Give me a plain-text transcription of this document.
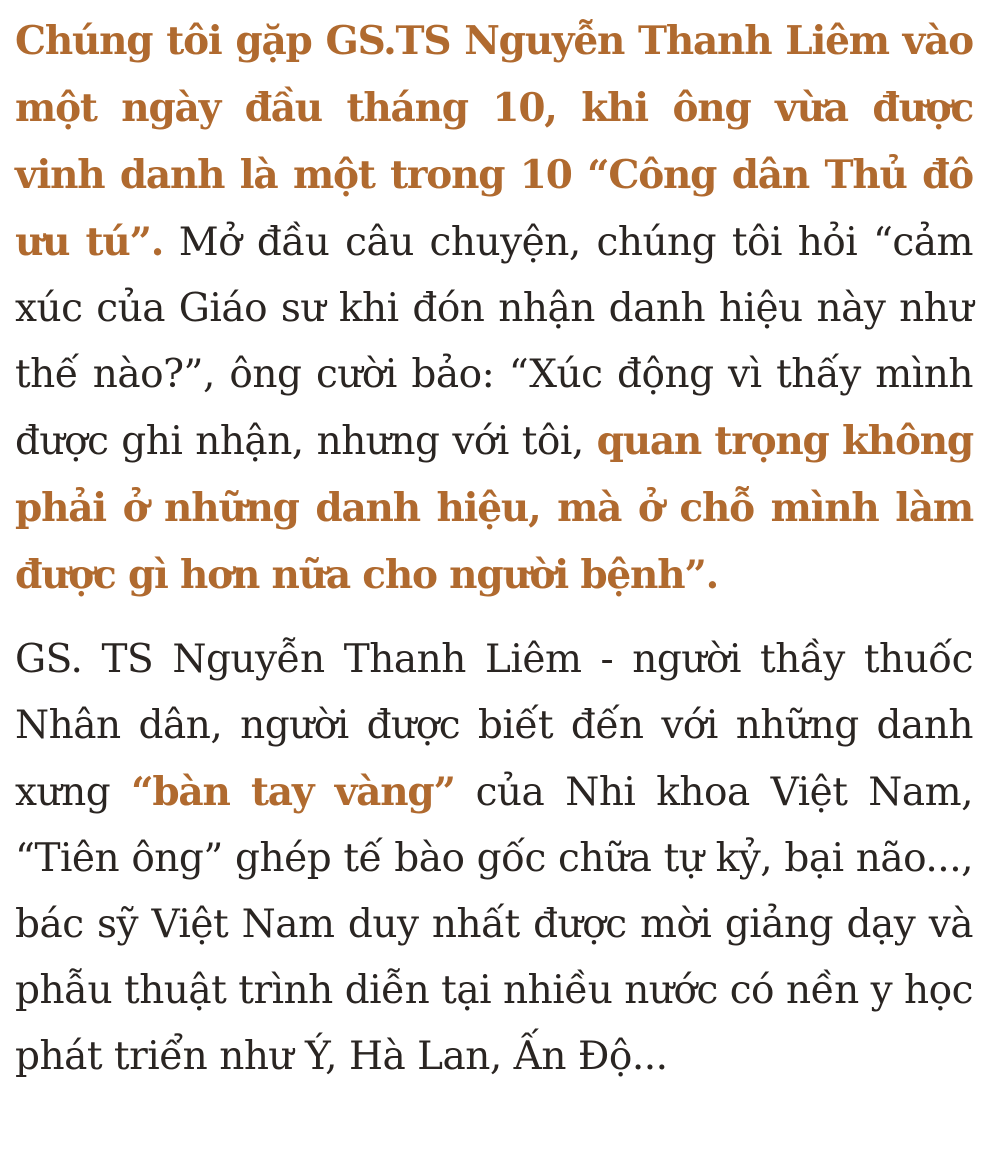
Chúng tôi gặp GS.TS Nguyễn Thanh Liêm vào một ngày đầu tháng 10, khi ông vừa được vinh danh là một trong 10 “Công dân Thủ đô ưu tú”. Mở đầu câu chuyện, chúng tôi hỏi “cảm xúc của Giáo sư khi đón nhận danh hiệu này như thế nào?”, ông cười bảo: “Xúc động vì thấy mình được ghi nhận, nhưng với tôi, quan trọng không phải ở những danh hiệu, mà ở chỗ mình làm được gì hơn nữa cho người bệnh”.

GS. TS Nguyễn Thanh Liêm - người thầy thuốc Nhân dân, người được biết đến với những danh xưng “bàn tay vàng” của Nhi khoa Việt Nam, “Tiên ông” ghép tế bào gốc chữa tự kỷ, bại não..., bác sỹ Việt Nam duy nhất được mời giảng dạy và phẫu thuật trình diễn tại nhiều nước có nền y học phát triển như Ý, Hà Lan, Ấn Độ...
